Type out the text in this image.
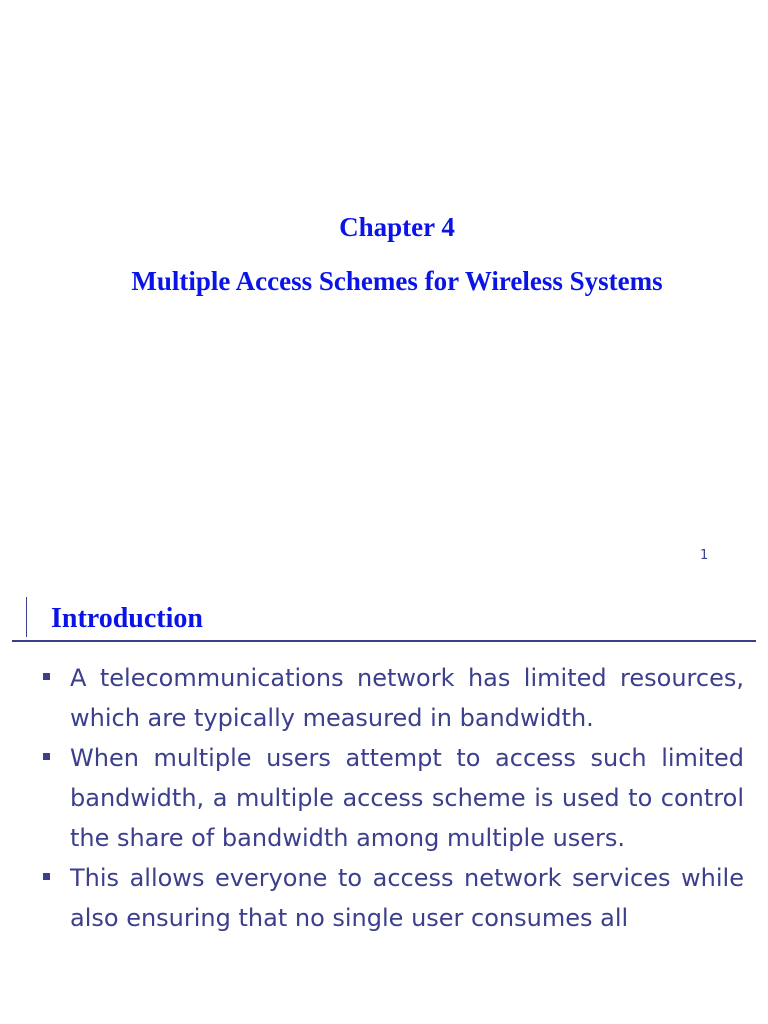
Chapter 4
Multiple Access Schemes for Wireless Systems
1
Introduction
A telecommunications network has limited resources, which are typically measured in bandwidth.
When multiple users attempt to access such limited bandwidth, a multiple access scheme is used to control the share of bandwidth among multiple users.
This allows everyone to access network services while also ensuring that no single user consumes all
